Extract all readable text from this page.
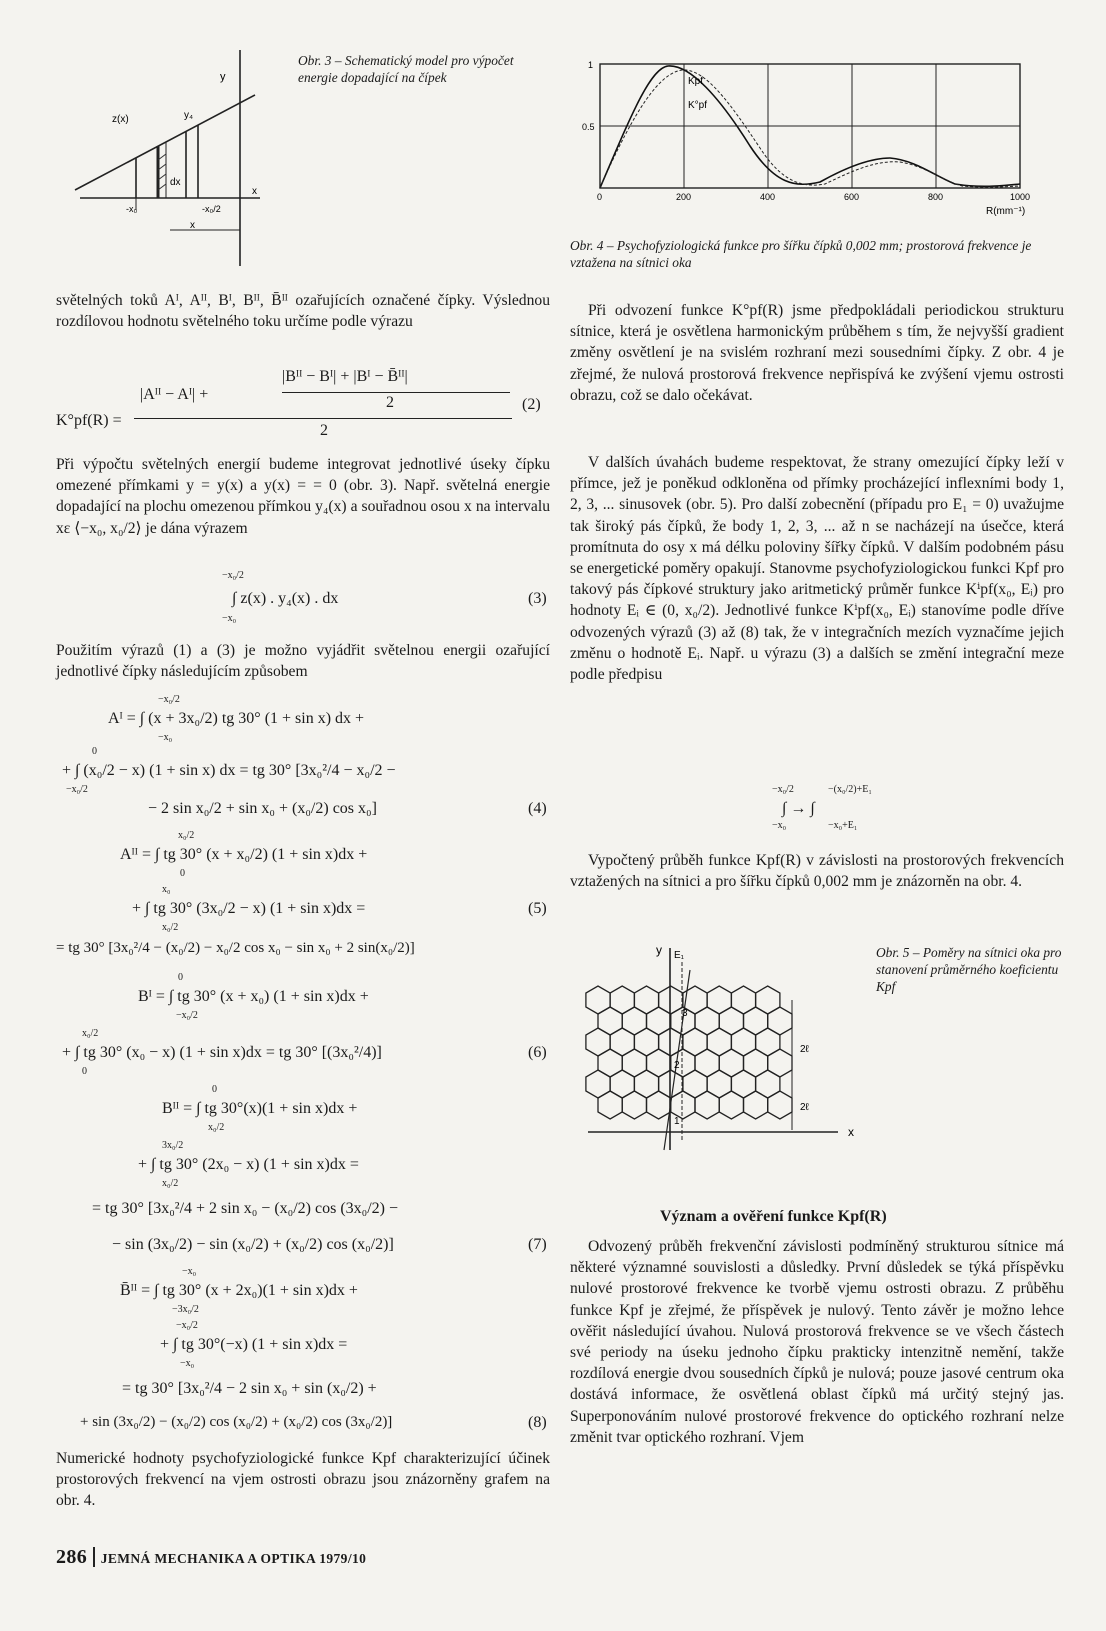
y
z(x)	y₄
dx
x
-x₀	-x₀/2
x
Obr. 3 – Schematický model pro výpočet energie dopadající na čípek
1
0.5
0	200	400	600	800	1000
R(mm⁻¹)
Kpf
K°pf
Obr. 4 – Psychofyziologická funkce pro šířku čípků 0,002 mm; prostorová frekvence je vztažena na sítnici oka
světelných toků Aᴵ, Aᴵᴵ, Bᴵ, Bᴵᴵ, B̄ᴵᴵ ozařujících označené čípky. Výslednou rozdílovou hodnotu světelného toku určíme podle výrazu
K°pf(R) =
|Bᴵᴵ − Bᴵ| + |Bᴵ − B̄ᴵᴵ|
|Aᴵᴵ − Aᴵ| +	2
2
(2)
Při výpočtu světelných energií budeme integrovat jednotlivé úseky čípku omezené přímkami y = y(x) a y(x) = = 0 (obr. 3). Např. světelná energie dopadající na plochu omezenou přímkou y₄(x) a souřadnou osou x na intervalu xε ⟨−x₀, x₀/2⟩ je dána výrazem
−x₀/2
∫ z(x) . y₄(x) . dx
−x₀
(3)
Použitím výrazů (1) a (3) je možno vyjádřit světelnou energii ozařující jednotlivé čípky následujícím způsobem
−x₀/2
Aᴵ = ∫ (x + 3x₀/2) tg 30° (1 + sin x) dx +
−x₀
0
+ ∫ (x₀/2 − x) (1 + sin x) dx = tg 30° [3x₀²/4 − x₀/2 −
−x₀/2
− 2 sin x₀/2 + sin x₀ + (x₀/2) cos x₀]	(4)
x₀/2
Aᴵᴵ = ∫ tg 30° (x + x₀/2) (1 + sin x)dx +
0
x₀
+ ∫ tg 30° (3x₀/2 − x) (1 + sin x)dx =
x₀/2
(5)
= tg 30° [3x₀²/4 − (x₀/2) − x₀/2 cos x₀ − sin x₀ + 2 sin(x₀/2)]
0
Bᴵ = ∫ tg 30° (x + x₀) (1 + sin x)dx +
−x₀/2
x₀/2
+ ∫ tg 30° (x₀ − x) (1 + sin x)dx = tg 30° [(3x₀²/4)]
0
(6)
0
Bᴵᴵ = ∫ tg 30°(x)(1 + sin x)dx +
x₀/2
3x₀/2
+ ∫ tg 30° (2x₀ − x) (1 + sin x)dx =
x₀/2
= tg 30° [3x₀²/4 + 2 sin x₀ − (x₀/2) cos (3x₀/2) −
− sin (3x₀/2) − sin (x₀/2) + (x₀/2) cos (x₀/2)]	(7)
−x₀
B̄ᴵᴵ = ∫ tg 30° (x + 2x₀)(1 + sin x)dx +
−3x₀/2
−x₀/2
+ ∫ tg 30°(−x) (1 + sin x)dx =
−x₀
= tg 30° [3x₀²/4 − 2 sin x₀ + sin (x₀/2) +
+ sin (3x₀/2) − (x₀/2) cos (x₀/2) + (x₀/2) cos (3x₀/2)]	(8)
Numerické hodnoty psychofyziologické funkce Kpf charakterizující účinek prostorových frekvencí na vjem ostrosti obrazu jsou znázorněny grafem na obr. 4.
Při odvození funkce K°pf(R) jsme předpokládali periodickou strukturu sítnice, která je osvětlena harmonickým průběhem s tím, že nejvyšší gradient změny osvětlení je na svislém rozhraní mezi sousedními čípky. Z obr. 4 je zřejmé, že nulová prostorová frekvence nepřispívá ke zvýšení vjemu ostrosti obrazu, což se dalo očekávat.
V dalších úvahách budeme respektovat, že strany omezující čípky leží v přímce, jež je poněkud odkloněna od přímky procházející inflexními body 1, 2, 3, ... sinusovek (obr. 5). Pro další zobecnění (případu pro E₁ = 0) uvažujme tak široký pás čípků, že body 1, 2, 3, ... až n se nacházejí na úsečce, která promítnuta do osy x má délku poloviny šířky čípků. V dalším podobném pásu se energetické poměry opakují. Stanovme psychofyziologickou funkci Kpf pro takový pás čípkové struktury jako aritmetický průměr funkce Kⁱpf(x₀, Eᵢ) pro hodnoty Eᵢ ∈ (0, x₀/2). Jednotlivé funkce Kⁱpf(x₀, Eᵢ) stanovíme podle dříve odvozených výrazů (3) až (8) tak, že v integračních mezích vyznačíme jejich změnu o hodnotě Eᵢ. Např. u výrazu (3) a dalších se změní integrační meze podle předpisu
−x₀/2	−(x₀/2)+E₁
∫ → ∫
−x₀	−x₀+E₁
Vypočtený průběh funkce Kpf(R) v závislosti na prostorových frekvencích vztažených na sítnici a pro šířku čípků 0,002 mm je znázorněn na obr. 4.
y E₁
3
2
1
2ℓ
2ℓ
x
Obr. 5 – Poměry na sítnici oka pro stanovení průměrného koeficientu Kpf
Význam a ověření funkce Kpf(R)
Odvozený průběh frekvenční závislosti podmíněný strukturou sítnice má některé významné souvislosti a důsledky. První důsledek se týká příspěvku nulové prostorové frekvence ke tvorbě vjemu ostrosti obrazu. Z průběhu funkce Kpf je zřejmé, že příspěvek je nulový. Tento závěr je možno lehce ověřit následující úvahou. Nulová prostorová frekvence se ve všech částech své periody na úseku jednoho čípku prakticky intenzitně nemění, takže rozdílová energie dvou sousedních čípků je nulová; pouze jasové centrum oka dostává informace, že osvětlená oblast čípků má určitý stejný jas. Superponováním nulové prostorové frekvence do optického rozhraní nelze změnit tvar optického rozhraní. Vjem
286 JEMNÁ MECHANIKA A OPTIKA 1979/10
